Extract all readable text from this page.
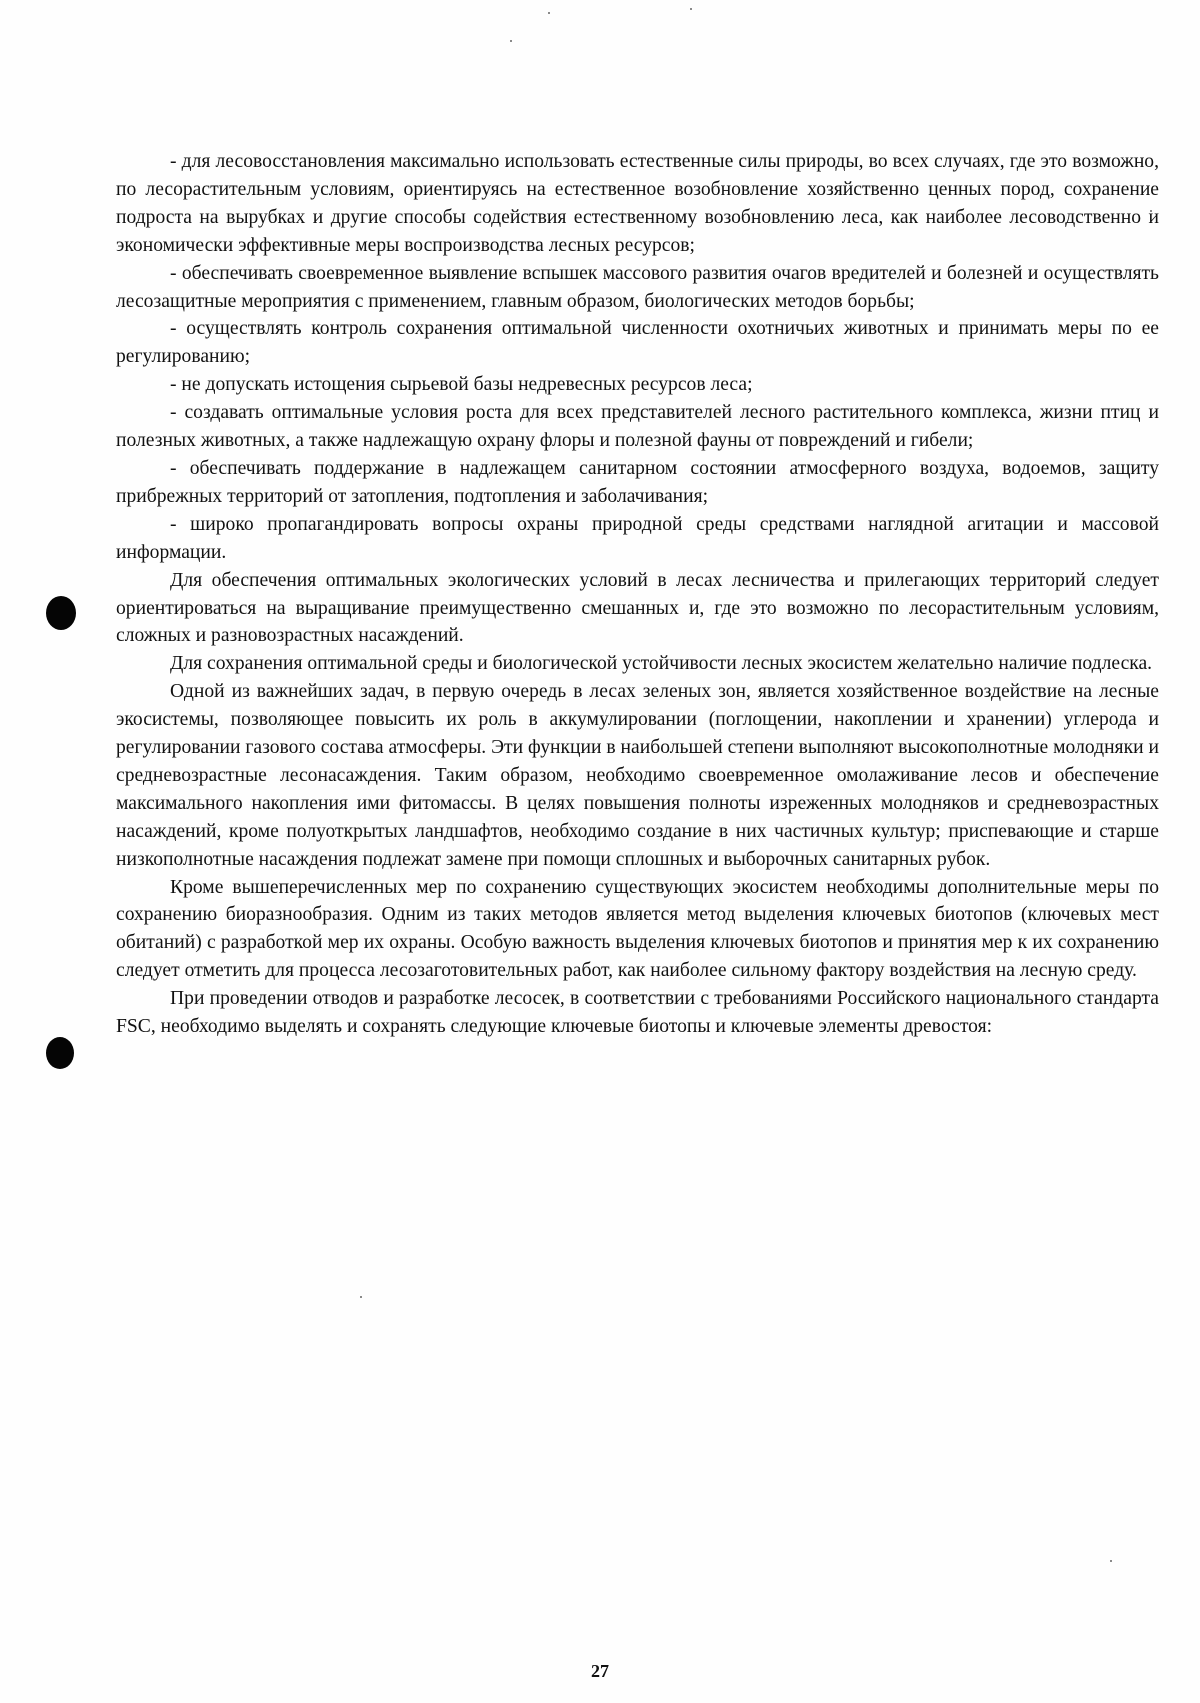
- для лесовосстановления максимально использовать естественные силы природы, во всех случаях, где это возможно, по лесорастительным условиям, ориентируясь на естественное возобновление хозяйственно ценных пород, сохранение подроста на вырубках и другие способы содействия естественному возобновлению леса, как наиболее лесоводственно и экономически эффективные меры воспроизводства лесных ресурсов;

- обеспечивать своевременное выявление вспышек массового развития очагов вредителей и болезней и осуществлять лесозащитные мероприятия с применением, главным образом, биологических методов борьбы;

- осуществлять контроль сохранения оптимальной численности охотничьих животных и принимать меры по ее регулированию;

- не допускать истощения сырьевой базы недревесных ресурсов леса;

- создавать оптимальные условия роста для всех представителей лесного растительного комплекса, жизни птиц и полезных животных, а также надлежащую охрану флоры и полезной фауны от повреждений и гибели;

- обеспечивать поддержание в надлежащем санитарном состоянии атмосферного воздуха, водоемов, защиту прибрежных территорий от затопления, подтопления и заболачивания;

- широко пропагандировать вопросы охраны природной среды средствами наглядной агитации и массовой информации.

Для обеспечения оптимальных экологических условий в лесах лесничества и прилегающих территорий следует ориентироваться на выращивание преимущественно смешанных и, где это возможно по лесорастительным условиям, сложных и разновозрастных насаждений.

Для сохранения оптимальной среды и биологической устойчивости лесных экосистем желательно наличие подлеска.

Одной из важнейших задач, в первую очередь в лесах зеленых зон, является хозяйственное воздействие на лесные экосистемы, позволяющее повысить их роль в аккумулировании (поглощении, накоплении и хранении) углерода и регулировании газового состава атмосферы. Эти функции в наибольшей степени выполняют высокополнотные молодняки и средневозрастные лесонасаждения. Таким образом, необходимо своевременное омолаживание лесов и обеспечение максимального накопления ими фитомассы. В целях повышения полноты изреженных молодняков и средневозрастных насаждений, кроме полуоткрытых ландшафтов, необходимо создание в них частичных культур; приспевающие и старше низкополнотные насаждения подлежат замене при помощи сплошных и выборочных санитарных рубок.

Кроме вышеперечисленных мер по сохранению существующих экосистем необходимы дополнительные меры по сохранению биоразнообразия. Одним из таких методов является метод выделения ключевых биотопов (ключевых мест обитаний) с разработкой мер их охраны. Особую важность выделения ключевых биотопов и принятия мер к их сохранению следует отметить для процесса лесозаготовительных работ, как наиболее сильному фактору воздействия на лесную среду.

При проведении отводов и разработке лесосек, в соответствии с требованиями Российского национального стандарта FSC, необходимо выделять и сохранять следующие ключевые биотопы и ключевые элементы древостоя:

27
